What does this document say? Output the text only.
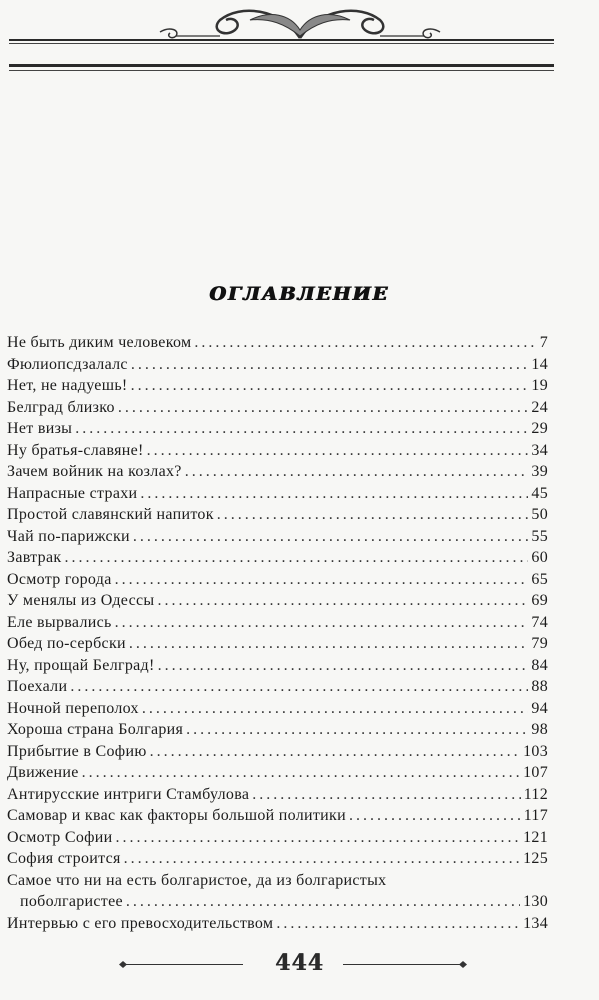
ОГЛАВЛЕНИЕ
Не быть диким человеком .....	7
Фюлиопсдзалалс .....	14
Нет, не надуешь! .....	19
Белград близко .....	24
Нет визы .....	29
Ну братья-славяне! .....	34
Зачем войник на козлах? .....	39
Напрасные страхи .....	45
Простой славянский напиток .....	50
Чай по-парижски .....	55
Завтрак .....	60
Осмотр города .....	65
У менялы из Одессы .....	69
Еле вырвались .....	74
Обед по-сербски .....	79
Ну, прощай Белград! .....	84
Поехали .....	88
Ночной переполох .....	94
Хороша страна Болгария .....	98
Прибытие в Софию .....	103
Движение .....	107
Антирусские интриги Стамбулова .....	112
Самовар и квас как факторы большой политики .....	117
Осмотр Софии .....	121
София строится .....	125
Самое что ни на есть болгаристое, да из болгаристых
поболгаристее .....	130
Интервью с его превосходительством .....	134
444
